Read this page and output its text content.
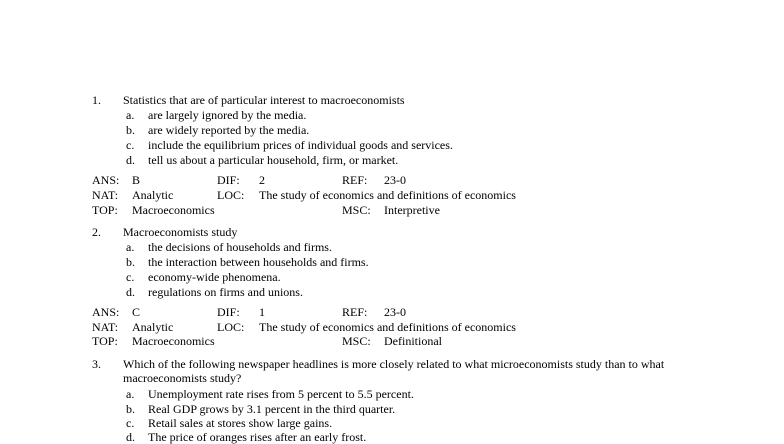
1. Statistics that are of particular interest to macroeconomists
a. are largely ignored by the media.
b. are widely reported by the media.
c. include the equilibrium prices of individual goods and services.
d. tell us about a particular household, firm, or market.
ANS: B	DIF: 2	REF: 23-0
NAT: Analytic	LOC: The study of economics and definitions of economics
TOP: Macroeconomics	MSC: Interpretive
2. Macroeconomists study
a. the decisions of households and firms.
b. the interaction between households and firms.
c. economy-wide phenomena.
d. regulations on firms and unions.
ANS: C	DIF: 1	REF: 23-0
NAT: Analytic	LOC: The study of economics and definitions of economics
TOP: Macroeconomics	MSC: Definitional
3. Which of the following newspaper headlines is more closely related to what microeconomists study than to what macroeconomists study?
a. Unemployment rate rises from 5 percent to 5.5 percent.
b. Real GDP grows by 3.1 percent in the third quarter.
c. Retail sales at stores show large gains.
d. The price of oranges rises after an early frost.
